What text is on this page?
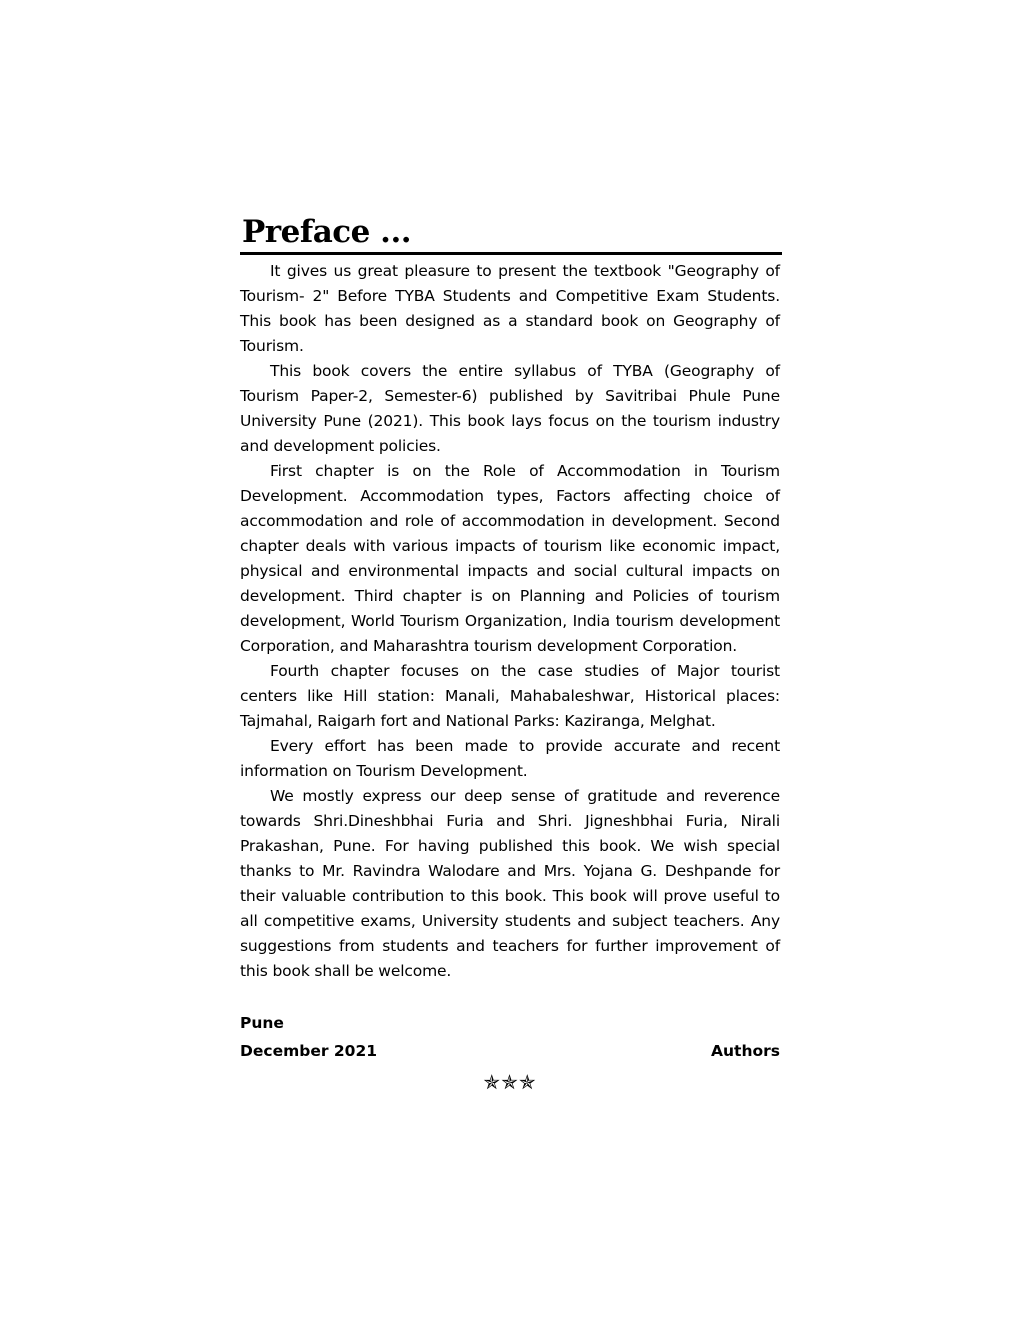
Preface ...

It gives us great pleasure to present the textbook "Geography of Tourism- 2" Before TYBA Students and Competitive Exam Students. This book has been designed as a standard book on Geography of Tourism.

This book covers the entire syllabus of TYBA (Geography of Tourism Paper-2, Semester-6) published by Savitribai Phule Pune University Pune (2021). This book lays focus on the tourism industry and development policies.

First chapter is on the Role of Accommodation in Tourism Development. Accommodation types, Factors affecting choice of accommodation and role of accommodation in development. Second chapter deals with various impacts of tourism like economic impact, physical and environmental impacts and social cultural impacts on development. Third chapter is on Planning and Policies of tourism development, World Tourism Organization, India tourism development Corporation, and Maharashtra tourism development Corporation.

Fourth chapter focuses on the case studies of Major tourist centers like Hill station: Manali, Mahabaleshwar, Historical places: Tajmahal, Raigarh fort and National Parks: Kaziranga, Melghat.

Every effort has been made to provide accurate and recent information on Tourism Development.

We mostly express our deep sense of gratitude and reverence towards Shri.Dineshbhai Furia and Shri. Jigneshbhai Furia, Nirali Prakashan, Pune. For having published this book. We wish special thanks to Mr. Ravindra Walodare and Mrs. Yojana G. Deshpande for their valuable contribution to this book. This book will prove useful to all competitive exams, University students and subject teachers. Any suggestions from students and teachers for further improvement of this book shall be welcome.

Pune
December 2021	Authors
✯✯✯
